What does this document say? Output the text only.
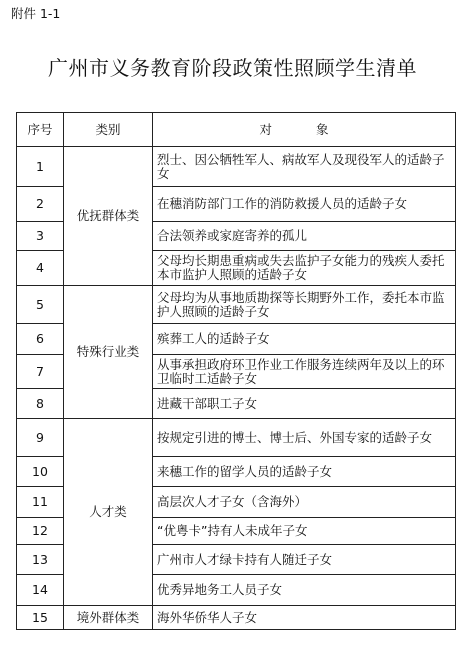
附件 1-1
广州市义务教育阶段政策性照顾学生清单
序号	类别	对 象
1	优抚群体类	烈士、因公牺牲军人、病故军人及现役军人的适龄子女
2		在穗消防部门工作的消防救援人员的适龄子女
3		合法领养或家庭寄养的孤儿
4		父母均长期患重病或失去监护子女能力的残疾人委托本市监护人照顾的适龄子女
5	特殊行业类	父母均为从事地质勘探等长期野外工作，委托本市监护人照顾的适龄子女
6		殡葬工人的适龄子女
7		从事承担政府环卫作业工作服务连续两年及以上的环卫临时工适龄子女
8		进藏干部职工子女
9	人才类	按规定引进的博士、博士后、外国专家的适龄子女
10		来穗工作的留学人员的适龄子女
11		高层次人才子女（含海外）
12		“优粤卡”持有人未成年子女
13		广州市人才绿卡持有人随迁子女
14		优秀异地务工人员子女
15	境外群体类	海外华侨华人子女
